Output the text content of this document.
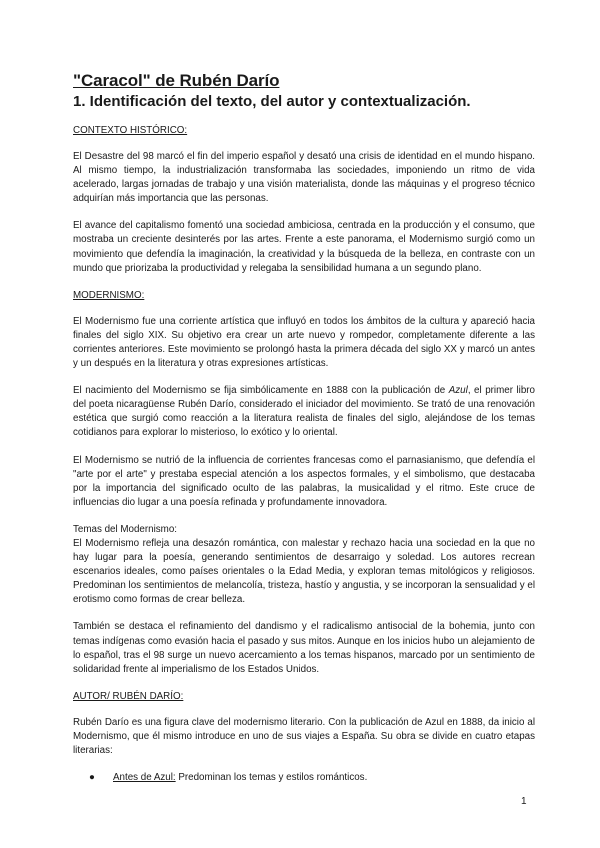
"Caracol" de Rubén Darío
1. Identificación del texto, del autor y contextualización.
CONTEXTO HISTÓRICO:

El Desastre del 98 marcó el fin del imperio español y desató una crisis de identidad en el mundo hispano. Al mismo tiempo, la industrialización transformaba las sociedades, imponiendo un ritmo de vida acelerado, largas jornadas de trabajo y una visión materialista, donde las máquinas y el progreso técnico adquirían más importancia que las personas.

El avance del capitalismo fomentó una sociedad ambiciosa, centrada en la producción y el consumo, que mostraba un creciente desinterés por las artes. Frente a este panorama, el Modernismo surgió como un movimiento que defendía la imaginación, la creatividad y la búsqueda de la belleza, en contraste con un mundo que priorizaba la productividad y relegaba la sensibilidad humana a un segundo plano.

MODERNISMO:

El Modernismo fue una corriente artística que influyó en todos los ámbitos de la cultura y apareció hacia finales del siglo XIX. Su objetivo era crear un arte nuevo y rompedor, completamente diferente a las corrientes anteriores. Este movimiento se prolongó hasta la primera década del siglo XX y marcó un antes y un después en la literatura y otras expresiones artísticas.

El nacimiento del Modernismo se fija simbólicamente en 1888 con la publicación de Azul, el primer libro del poeta nicaragüense Rubén Darío, considerado el iniciador del movimiento. Se trató de una renovación estética que surgió como reacción a la literatura realista de finales del siglo, alejándose de los temas cotidianos para explorar lo misterioso, lo exótico y lo oriental.

El Modernismo se nutrió de la influencia de corrientes francesas como el parnasianismo, que defendía el "arte por el arte" y prestaba especial atención a los aspectos formales, y el simbolismo, que destacaba por la importancia del significado oculto de las palabras, la musicalidad y el ritmo. Este cruce de influencias dio lugar a una poesía refinada y profundamente innovadora.

Temas del Modernismo:

El Modernismo refleja una desazón romántica, con malestar y rechazo hacia una sociedad en la que no hay lugar para la poesía, generando sentimientos de desarraigo y soledad. Los autores recrean escenarios ideales, como países orientales o la Edad Media, y exploran temas mitológicos y religiosos. Predominan los sentimientos de melancolía, tristeza, hastío y angustia, y se incorporan la sensualidad y el erotismo como formas de crear belleza.

También se destaca el refinamiento del dandismo y el radicalismo antisocial de la bohemia, junto con temas indígenas como evasión hacia el pasado y sus mitos. Aunque en los inicios hubo un alejamiento de lo español, tras el 98 surge un nuevo acercamiento a los temas hispanos, marcado por un sentimiento de solidaridad frente al imperialismo de los Estados Unidos.

AUTOR/ RUBÉN DARÍO:

Rubén Darío es una figura clave del modernismo literario. Con la publicación de Azul en 1888, da inicio al Modernismo, que él mismo introduce en uno de sus viajes a España. Su obra se divide en cuatro etapas literarias:

● Antes de Azul: Predominan los temas y estilos románticos.
1
